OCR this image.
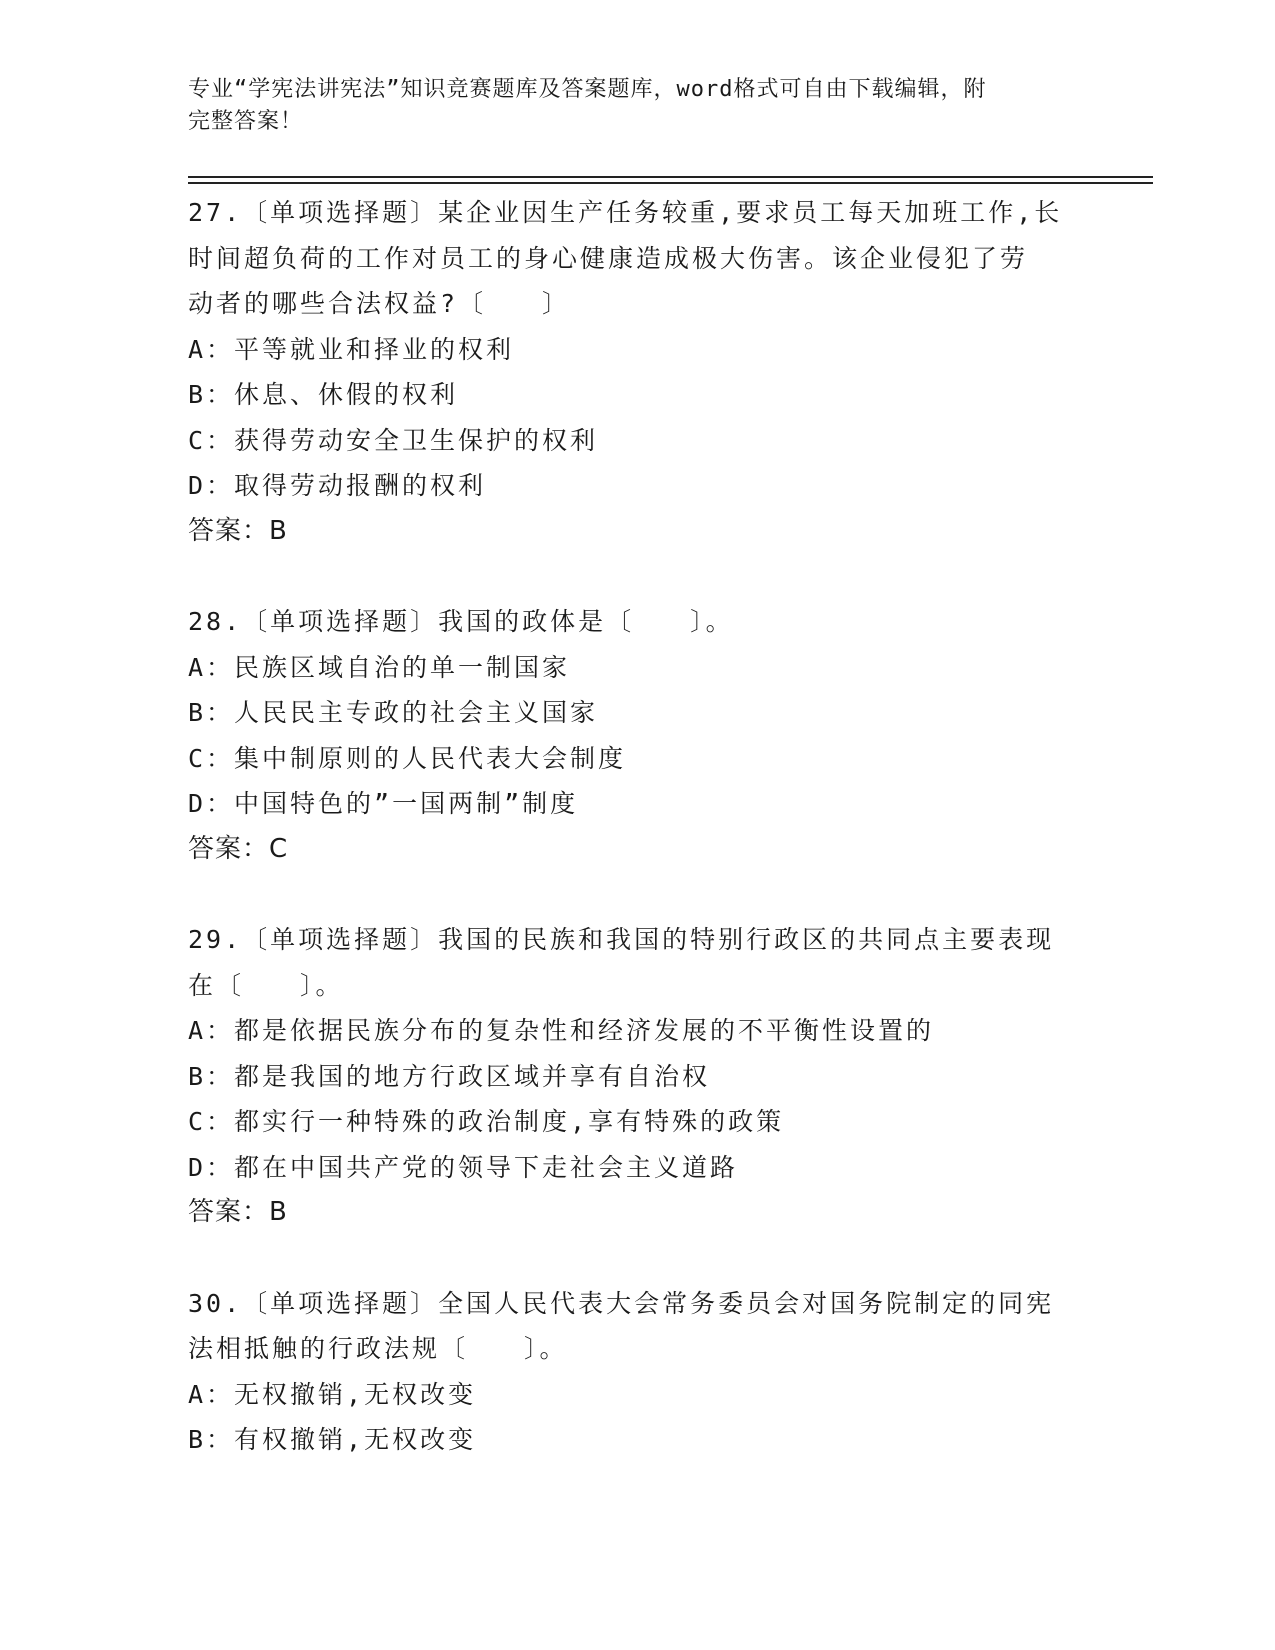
专业“学宪法讲宪法”知识竞赛题库及答案题库，word格式可自由下载编辑，附
完整答案！
27.〔单项选择题〕某企业因生产任务较重,要求员工每天加班工作,长
时间超负荷的工作对员工的身心健康造成极大伤害。该企业侵犯了劳
动者的哪些合法权益?〔　　〕
A：平等就业和择业的权利
B：休息、休假的权利
C：获得劳动安全卫生保护的权利
D：取得劳动报酬的权利
答案：B
28.〔单项选择题〕我国的政体是〔　　〕。
A：民族区域自治的单一制国家
B：人民民主专政的社会主义国家
C：集中制原则的人民代表大会制度
D：中国特色的”一国两制”制度
答案：C
29.〔单项选择题〕我国的民族和我国的特别行政区的共同点主要表现
在〔　　〕。
A：都是依据民族分布的复杂性和经济发展的不平衡性设置的
B：都是我国的地方行政区域并享有自治权
C：都实行一种特殊的政治制度,享有特殊的政策
D：都在中国共产党的领导下走社会主义道路
答案：B
30.〔单项选择题〕全国人民代表大会常务委员会对国务院制定的同宪
法相抵触的行政法规〔　　〕。
A：无权撤销,无权改变
B：有权撤销,无权改变
